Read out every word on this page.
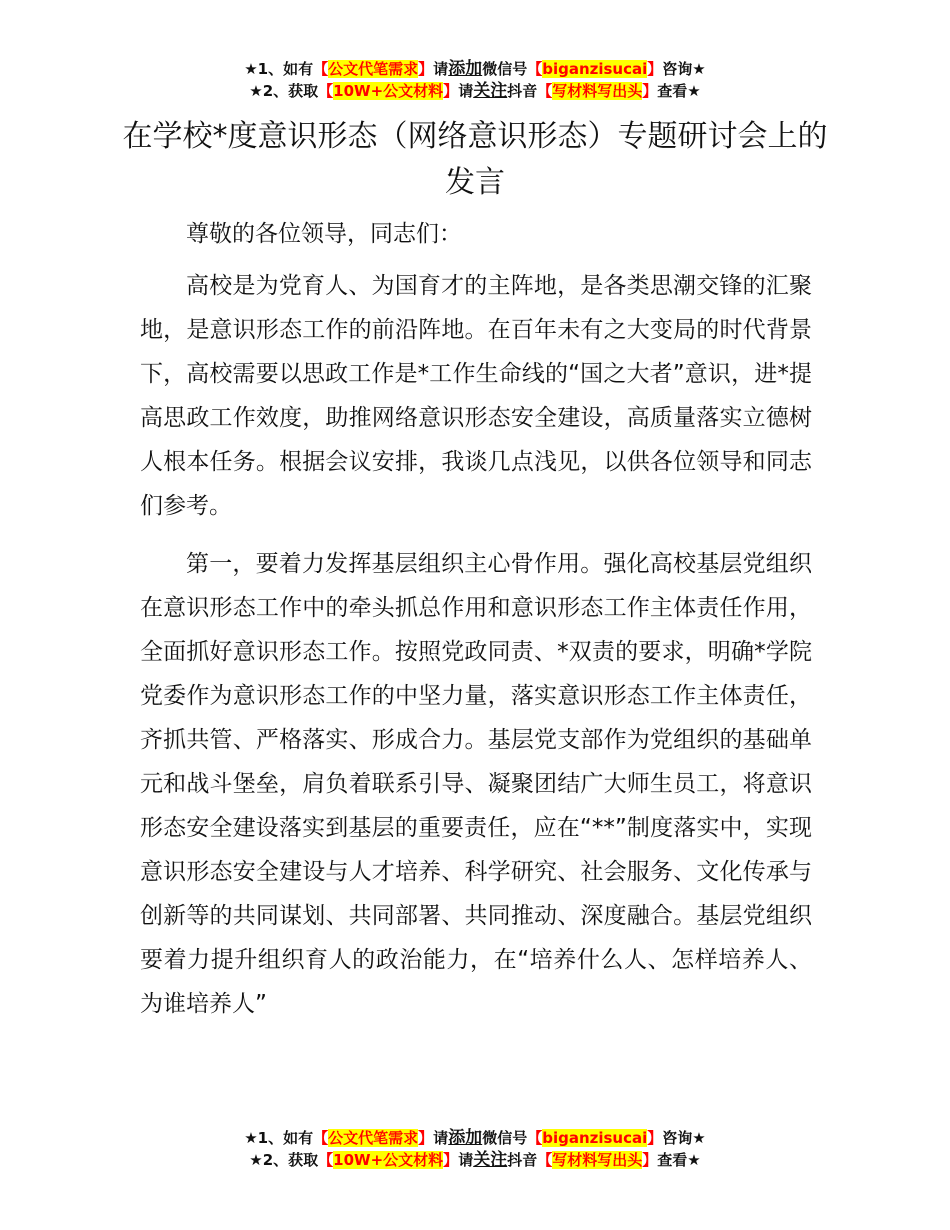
★1、如有【公文代笔需求】请添加微信号【biganzisucai】咨询★
★2、获取【10W+公文材料】请关注抖音【写材料写出头】查看★
在学校*度意识形态（网络意识形态）专题研讨会上的发言

尊敬的各位领导，同志们：

高校是为党育人、为国育才的主阵地，是各类思潮交锋的汇聚地，是意识形态工作的前沿阵地。在百年未有之大变局的时代背景下，高校需要以思政工作是*工作生命线的“国之大者”意识，进*提高思政工作效度，助推网络意识形态安全建设，高质量落实立德树人根本任务。根据会议安排，我谈几点浅见，以供各位领导和同志们参考。

第一，要着力发挥基层组织主心骨作用。强化高校基层党组织在意识形态工作中的牵头抓总作用和意识形态工作主体责任作用，全面抓好意识形态工作。按照党政同责、*双责的要求，明确*学院党委作为意识形态工作的中坚力量，落实意识形态工作主体责任，齐抓共管、严格落实、形成合力。基层党支部作为党组织的基础单元和战斗堡垒，肩负着联系引导、凝聚团结广大师生员工，将意识形态安全建设落实到基层的重要责任，应在“**”制度落实中，实现意识形态安全建设与人才培养、科学研究、社会服务、文化传承与创新等的共同谋划、共同部署、共同推动、深度融合。基层党组织要着力提升组织育人的政治能力，在“培养什么人、怎样培养人、为谁培养人”

★1、如有【公文代笔需求】请添加微信号【biganzisucai】咨询★
★2、获取【10W+公文材料】请关注抖音【写材料写出头】查看★
